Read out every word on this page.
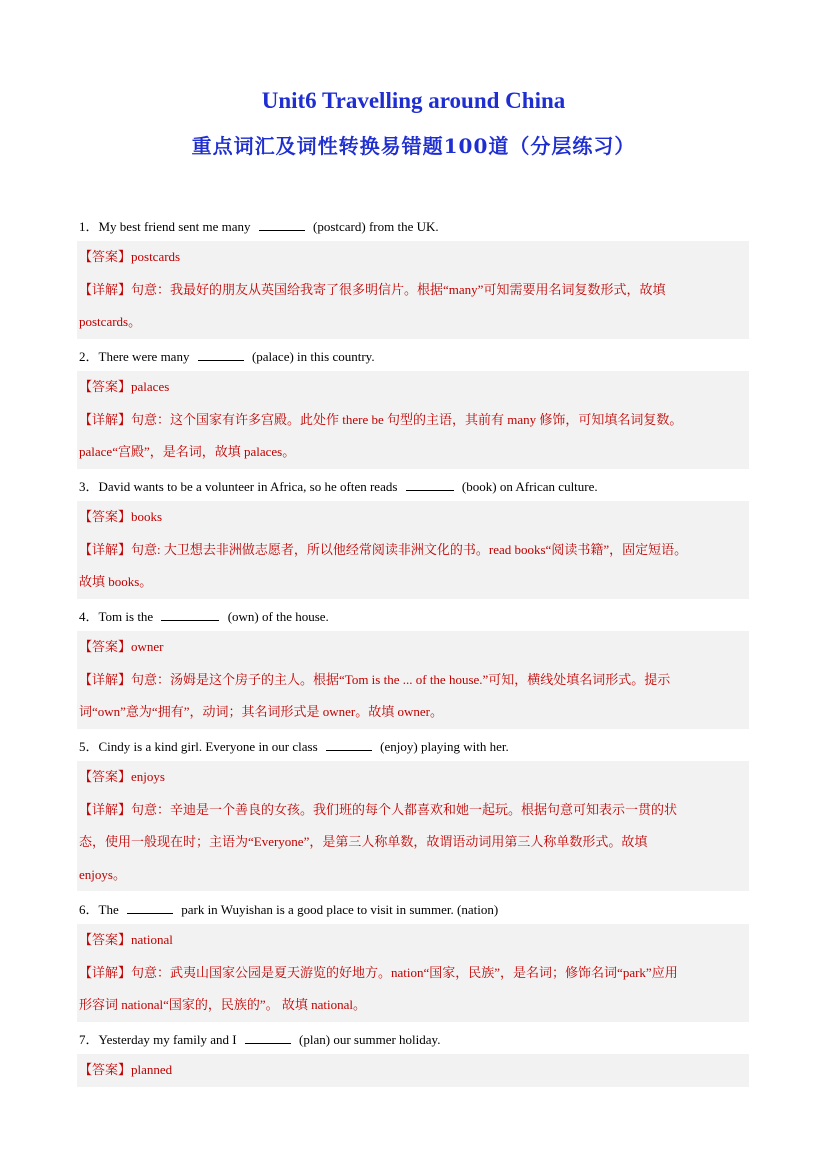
Unit6 Travelling around China
重点词汇及词性转换易错题100道（分层练习）
1．My best friend sent me many	(postcard) from the UK.
【答案】postcards
【详解】句意：我最好的朋友从英国给我寄了很多明信片。根据“many”可知需要用名词复数形式，故填
postcards。
2．There were many	(palace) in this country.
【答案】palaces
【详解】句意：这个国家有许多宫殿。此处作 there be 句型的主语，其前有 many 修饰，可知填名词复数。
palace“宫殿”，是名词，故填 palaces。
3．David wants to be a volunteer in Africa, so he often reads	(book) on African culture.
【答案】books
【详解】句意: 大卫想去非洲做志愿者，所以他经常阅读非洲文化的书。read books“阅读书籍”，固定短语。
故填 books。
4．Tom is the	(own) of the house.
【答案】owner
【详解】句意：汤姆是这个房子的主人。根据“Tom is the ... of the house.”可知，横线处填名词形式。提示
词“own”意为“拥有”，动词；其名词形式是 owner。故填 owner。
5．Cindy is a kind girl. Everyone in our class	(enjoy) playing with her.
【答案】enjoys
【详解】句意：辛迪是一个善良的女孩。我们班的每个人都喜欢和她一起玩。根据句意可知表示一贯的状
态，使用一般现在时；主语为“Everyone”，是第三人称单数，故谓语动词用第三人称单数形式。故填
enjoys。
6．The	park in Wuyishan is a good place to visit in summer. (nation)
【答案】national
【详解】句意：武夷山国家公园是夏天游览的好地方。nation“国家，民族”，是名词；修饰名词“park”应用
形容词 national“国家的，民族的”。 故填 national。
7．Yesterday my family and I	(plan) our summer holiday.
【答案】planned
